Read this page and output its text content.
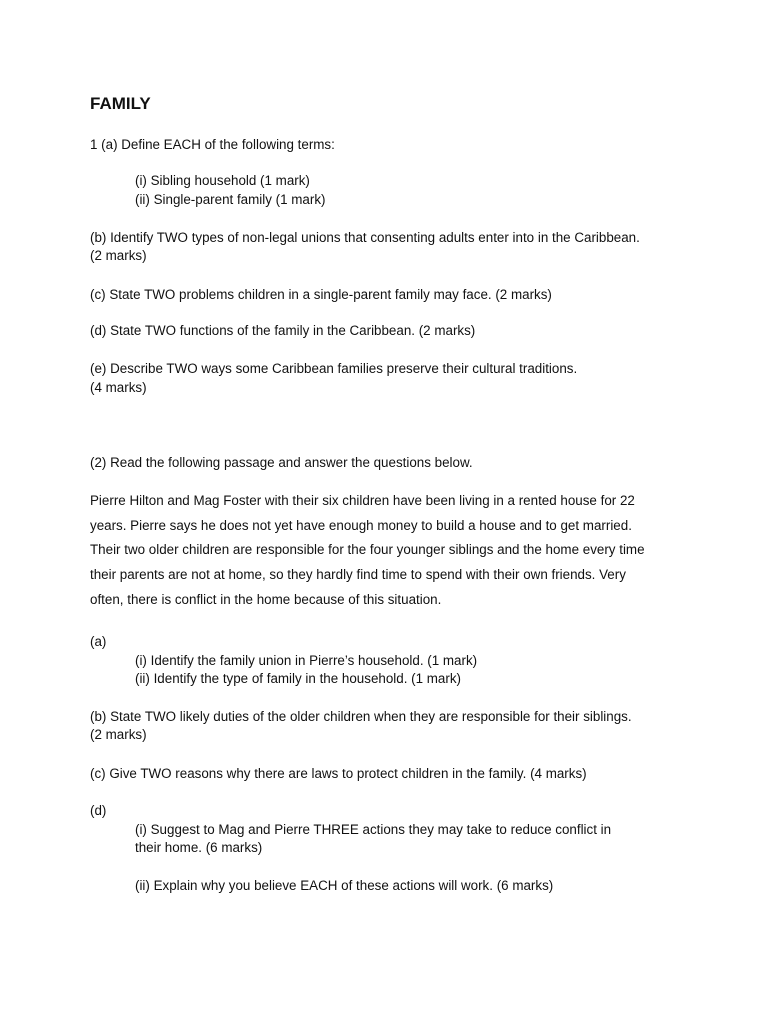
FAMILY

1 (a) Define EACH of the following terms:

(i) Sibling household (1 mark)

(ii) Single-parent family (1 mark)

(b) Identify TWO types of non-legal unions that consenting adults enter into in the Caribbean.

(2 marks)

(c) State TWO problems children in a single-parent family may face. (2 marks)

(d) State TWO functions of the family in the Caribbean. (2 marks)

(e) Describe TWO ways some Caribbean families preserve their cultural traditions.

(4 marks)

(2) Read the following passage and answer the questions below.

Pierre Hilton and Mag Foster with their six children have been living in a rented house for 22
years. Pierre says he does not yet have enough money to build a house and to get married.
Their two older children are responsible for the four younger siblings and the home every time
their parents are not at home, so they hardly find time to spend with their own friends. Very
often, there is conflict in the home because of this situation.

(a)

(i) Identify the family union in Pierre’s household. (1 mark)

(ii) Identify the type of family in the household. (1 mark)

(b) State TWO likely duties of the older children when they are responsible for their siblings.

(2 marks)

(c) Give TWO reasons why there are laws to protect children in the family. (4 marks)

(d)

(i) Suggest to Mag and Pierre THREE actions they may take to reduce conflict in

their home. (6 marks)

(ii) Explain why you believe EACH of these actions will work. (6 marks)
